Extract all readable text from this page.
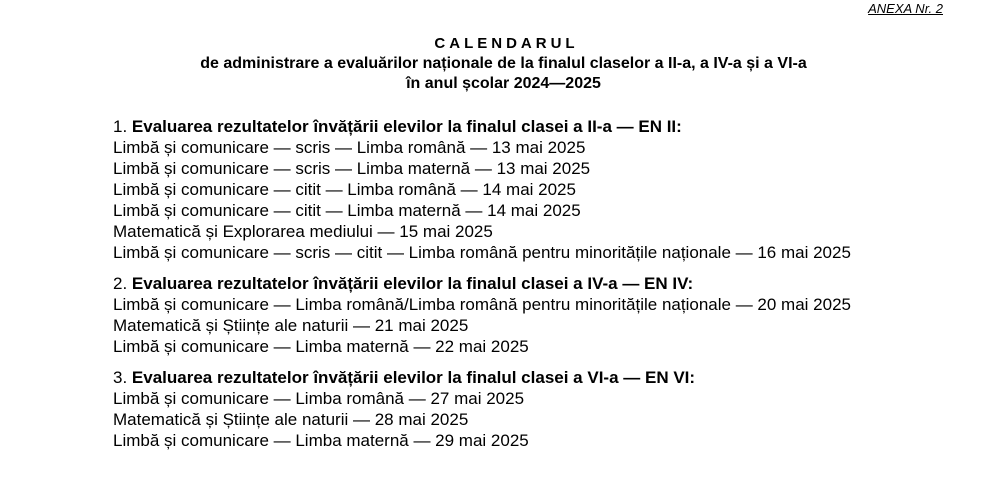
ANEXA Nr. 2
CALENDARUL
de administrare a evaluărilor naționale de la finalul claselor a II-a, a IV-a și a VI-a
în anul școlar 2024—2025
1. Evaluarea rezultatelor învățării elevilor la finalul clasei a II-a — EN II:
Limbă și comunicare — scris — Limba română — 13 mai 2025
Limbă și comunicare — scris — Limba maternă — 13 mai 2025
Limbă și comunicare — citit — Limba română — 14 mai 2025
Limbă și comunicare — citit — Limba maternă — 14 mai 2025
Matematică și Explorarea mediului — 15 mai 2025
Limbă și comunicare — scris — citit — Limba română pentru minoritățile naționale — 16 mai 2025
2. Evaluarea rezultatelor învățării elevilor la finalul clasei a IV-a — EN IV:
Limbă și comunicare — Limba română/Limba română pentru minoritățile naționale — 20 mai 2025
Matematică și Științe ale naturii — 21 mai 2025
Limbă și comunicare — Limba maternă — 22 mai 2025
3. Evaluarea rezultatelor învățării elevilor la finalul clasei a VI-a — EN VI:
Limbă și comunicare — Limba română — 27 mai 2025
Matematică și Științe ale naturii — 28 mai 2025
Limbă și comunicare — Limba maternă — 29 mai 2025
